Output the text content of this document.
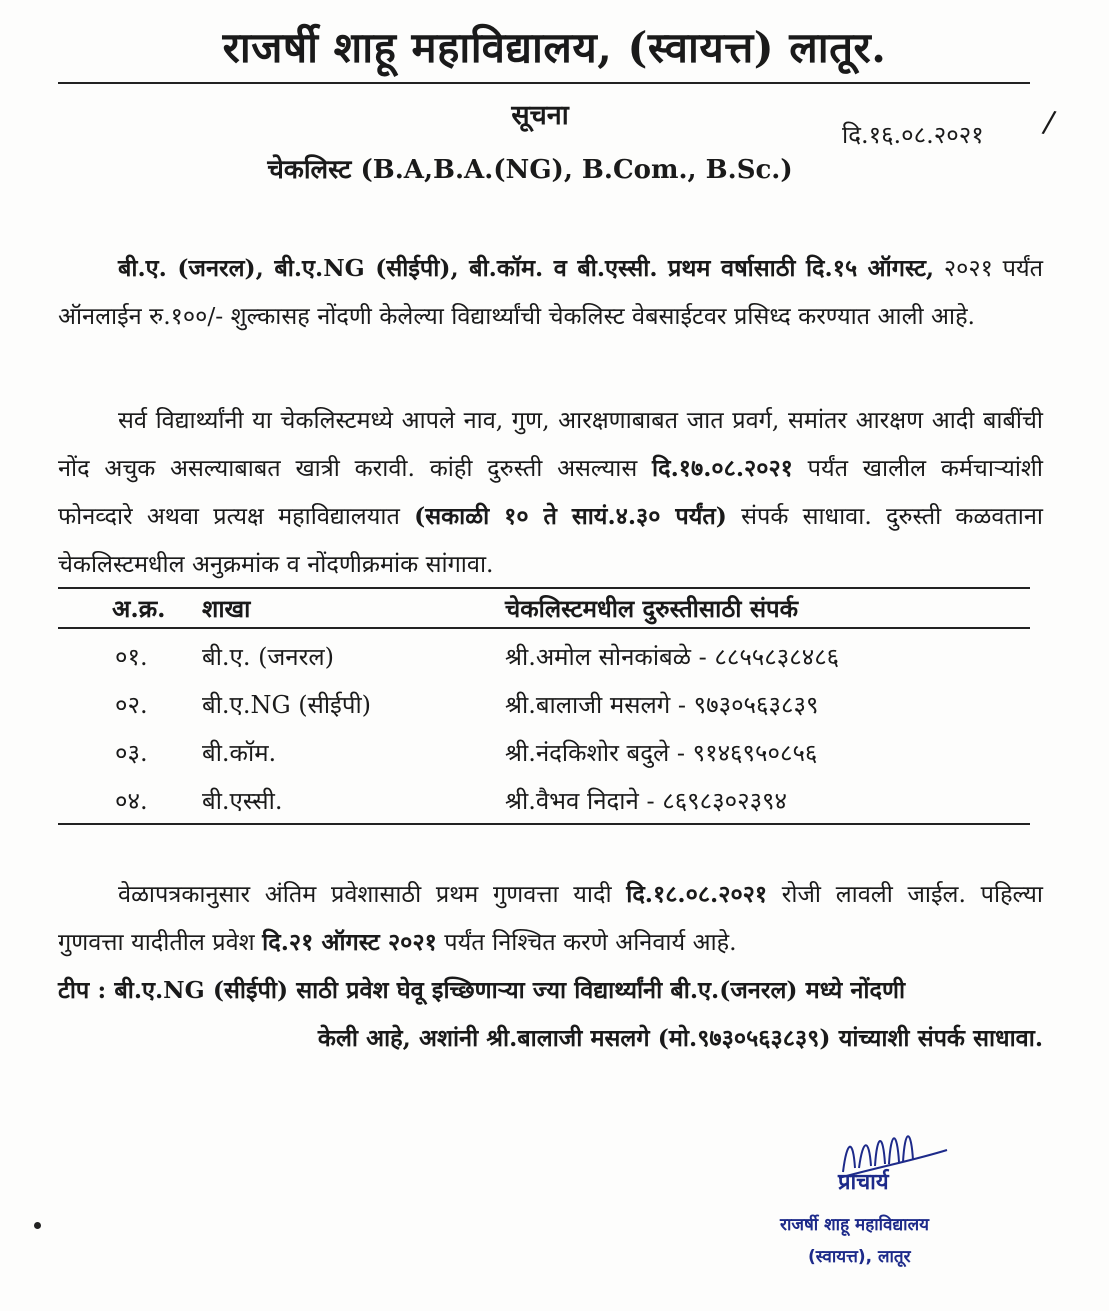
राजर्षी शाहू महाविद्यालय, (स्वायत्त) लातूर.
सूचना
दि.१६.०८.२०२१ /
चेकलिस्ट (B.A,B.A.(NG), B.Com., B.Sc.)
बी.ए. (जनरल), बी.ए.NG (सीईपी), बी.कॉम. व बी.एस्सी. प्रथम वर्षासाठी दि.१५ ऑगस्ट, २०२१ पर्यंत ऑनलाईन रु.१००/- शुल्कासह नोंदणी केलेल्या विद्यार्थ्यांची चेकलिस्ट वेबसाईटवर प्रसिध्द करण्यात आली आहे.
सर्व विद्यार्थ्यांनी या चेकलिस्टमध्ये आपले नाव, गुण, आरक्षणाबाबत जात प्रवर्ग, समांतर आरक्षण आदी बाबींची नोंद अचुक असल्याबाबत खात्री करावी. कांही दुरुस्ती असल्यास दि.१७.०८.२०२१ पर्यंत खालील कर्मचाऱ्यांशी फोनव्दारे अथवा प्रत्यक्ष महाविद्यालयात (सकाळी १० ते सायं.४.३० पर्यंत) संपर्क साधावा. दुरुस्ती कळवताना चेकलिस्टमधील अनुक्रमांक व नोंदणीक्रमांक सांगावा.
अ.क्र. शाखा	चेकलिस्टमधील दुरुस्तीसाठी संपर्क
०१. बी.ए. (जनरल)	श्री.अमोल सोनकांबळे - ८८५५८३८४८६
०२. बी.ए.NG (सीईपी)	श्री.बालाजी मसलगे - ९७३०५६३८३९
०३. बी.कॉम.	श्री.नंदकिशोर बदुले - ९१४६९५०८५६
०४. बी.एस्सी.	श्री.वैभव निदाने - ८६९८३०२३९४
वेळापत्रकानुसार अंतिम प्रवेशासाठी प्रथम गुणवत्ता यादी दि.१८.०८.२०२१ रोजी लावली जाईल. पहिल्या गुणवत्ता यादीतील प्रवेश दि.२१ ऑगस्ट २०२१ पर्यंत निश्चित करणे अनिवार्य आहे.
टीप : बी.ए.NG (सीईपी) साठी प्रवेश घेवू इच्छिणाऱ्या ज्या विद्यार्थ्यांनी बी.ए.(जनरल) मध्ये नोंदणी
केली आहे, अशांनी श्री.बालाजी मसलगे (मो.९७३०५६३८३९) यांच्याशी संपर्क साधावा.
प्राचार्य
राजर्षी शाहू महाविद्यालय
(स्वायत्त), लातूर
